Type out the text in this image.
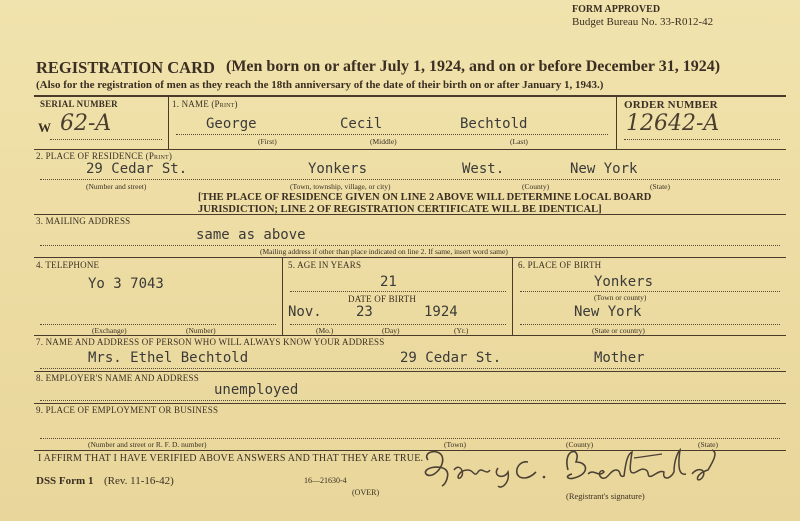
FORM APPROVED
Budget Bureau No. 33-R012-42
REGISTRATION CARD (Men born on or after July 1, 1924, and on or before December 31, 1924)
(Also for the registration of men as they reach the 18th anniversary of the date of their birth on or after January 1, 1943.)
SERIAL NUMBER
W 62-A
1. NAME (Print)
George	Cecil	Bechtold
(First)	(Middle)	(Last)
ORDER NUMBER
12642-A
2. PLACE OF RESIDENCE (Print)
29 Cedar St.	Yonkers	West.	New York
(Number and street)	(Town, township, village, or city)	(County)	(State)
[THE PLACE OF RESIDENCE GIVEN ON LINE 2 ABOVE WILL DETERMINE LOCAL BOARD
JURISDICTION; LINE 2 OF REGISTRATION CERTIFICATE WILL BE IDENTICAL]
3. MAILING ADDRESS
same as above
(Mailing address if other than place indicated on line 2. If same, insert word same)
4. TELEPHONE
Yo 3 7043
(Exchange)	(Number)
5. AGE IN YEARS
21
DATE OF BIRTH
Nov. 23	1924
(Mo.)	(Day)	(Yr.)
6. PLACE OF BIRTH
Yonkers
(Town or county)
New York
(State or country)
7. NAME AND ADDRESS OF PERSON WHO WILL ALWAYS KNOW YOUR ADDRESS
Mrs. Ethel Bechtold	29 Cedar St.	Mother
8. EMPLOYER'S NAME AND ADDRESS
unemployed
9. PLACE OF EMPLOYMENT OR BUSINESS
(Number and street or R. F. D. number)	(Town)	(County)	(State)
I AFFIRM THAT I HAVE VERIFIED ABOVE ANSWERS AND THAT THEY ARE TRUE.
DSS Form 1 (Rev. 11-16-42)	16—21630-4
(OVER)	(Registrant's signature)
